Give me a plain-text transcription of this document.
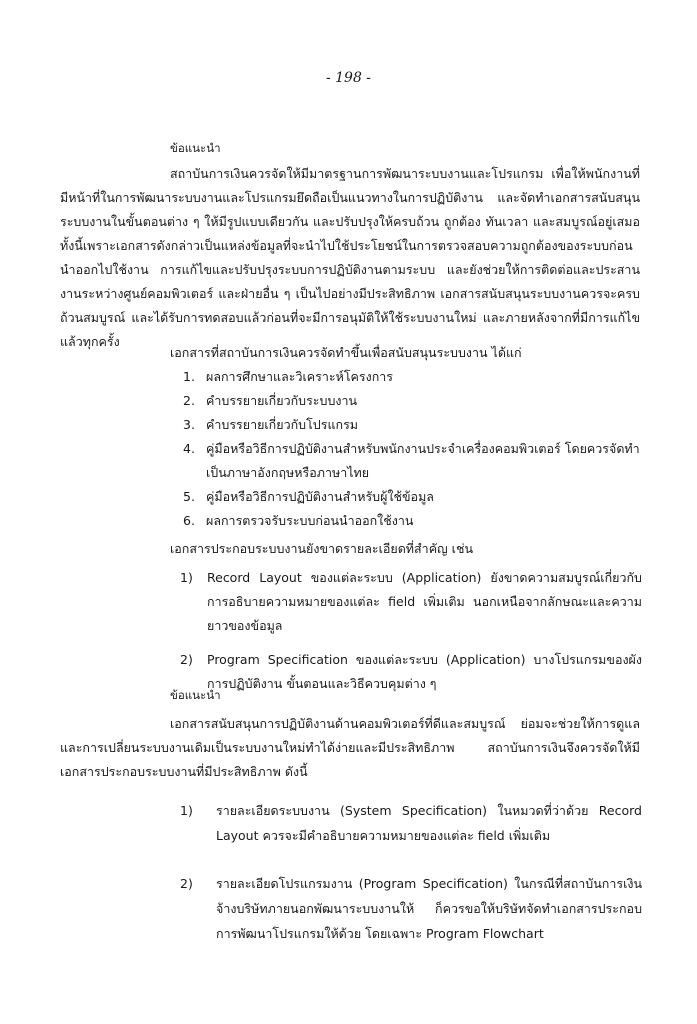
- 198 -
ข้อแนะนำ

สถาบันการเงินควรจัดให้มีมาตรฐานการพัฒนาระบบงานและโปรแกรม เพื่อให้พนักงานที่มีหน้าที่ในการพัฒนาระบบงานและโปรแกรมยึดถือเป็นแนวทางในการปฏิบัติงาน และจัดทำเอกสารสนับสนุนระบบงานในขั้นตอนต่าง ๆ ให้มีรูปแบบเดียวกัน และปรับปรุงให้ครบถ้วน ถูกต้อง ทันเวลา และสมบูรณ์อยู่เสมอทั้งนี้เพราะเอกสารดังกล่าวเป็นแหล่งข้อมูลที่จะนำไปใช้ประโยชน์ในการตรวจสอบความถูกต้องของระบบก่อนนำออกไปใช้งาน การแก้ไขและปรับปรุงระบบการปฏิบัติงานตามระบบ และยังช่วยให้การติดต่อและประสานงานระหว่างศูนย์คอมพิวเตอร์ และฝ่ายอื่น ๆ เป็นไปอย่างมีประสิทธิภาพ เอกสารสนับสนุนระบบงานควรจะครบถ้วนสมบูรณ์ และได้รับการทดสอบแล้วก่อนที่จะมีการอนุมัติให้ใช้ระบบงานใหม่ และภายหลังจากที่มีการแก้ไขแล้วทุกครั้ง

เอกสารที่สถาบันการเงินควรจัดทำขึ้นเพื่อสนับสนุนระบบงาน ได้แก่

1. ผลการศึกษาและวิเคราะห์โครงการ
2. คำบรรยายเกี่ยวกับระบบงาน
3. คำบรรยายเกี่ยวกับโปรแกรม
4. คู่มือหรือวิธีการปฏิบัติงานสำหรับพนักงานประจำเครื่องคอมพิวเตอร์ โดยควรจัดทำเป็นภาษาอังกฤษหรือภาษาไทย
5. คู่มือหรือวิธีการปฏิบัติงานสำหรับผู้ใช้ข้อมูล
6. ผลการตรวจรับระบบก่อนนำออกใช้งาน

เอกสารประกอบระบบงานยังขาดรายละเอียดที่สำคัญ เช่น

1)	Record Layout ของแต่ละระบบ (Application) ยังขาดความสมบูรณ์เกี่ยวกับการอธิบายความหมายของแต่ละ field เพิ่มเติม นอกเหนือจากลักษณะและความยาวของข้อมูล
2)	Program Specification ของแต่ละระบบ (Application) บางโปรแกรมของผังการปฏิบัติงาน ขั้นตอนและวิธีควบคุมต่าง ๆ
ข้อแนะนำ

เอกสารสนับสนุนการปฏิบัติงานด้านคอมพิวเตอร์ที่ดีและสมบูรณ์ ย่อมจะช่วยให้การดูแลและการเปลี่ยนระบบงานเดิมเป็นระบบงานใหม่ทำได้ง่ายและมีประสิทธิภาพ สถาบันการเงินจึงควรจัดให้มีเอกสารประกอบระบบงานที่มีประสิทธิภาพ ดังนี้

1)	รายละเอียดระบบงาน (System Specification) ในหมวดที่ว่าด้วย Record Layout ควรจะมีคำอธิบายความหมายของแต่ละ field เพิ่มเติม
2)	รายละเอียดโปรแกรมงาน (Program Specification) ในกรณีที่สถาบันการเงินจ้างบริษัทภายนอกพัฒนาระบบงานให้ ก็ควรขอให้บริษัทจัดทำเอกสารประกอบการพัฒนาโปรแกรมให้ด้วย โดยเฉพาะ Program Flowchart
